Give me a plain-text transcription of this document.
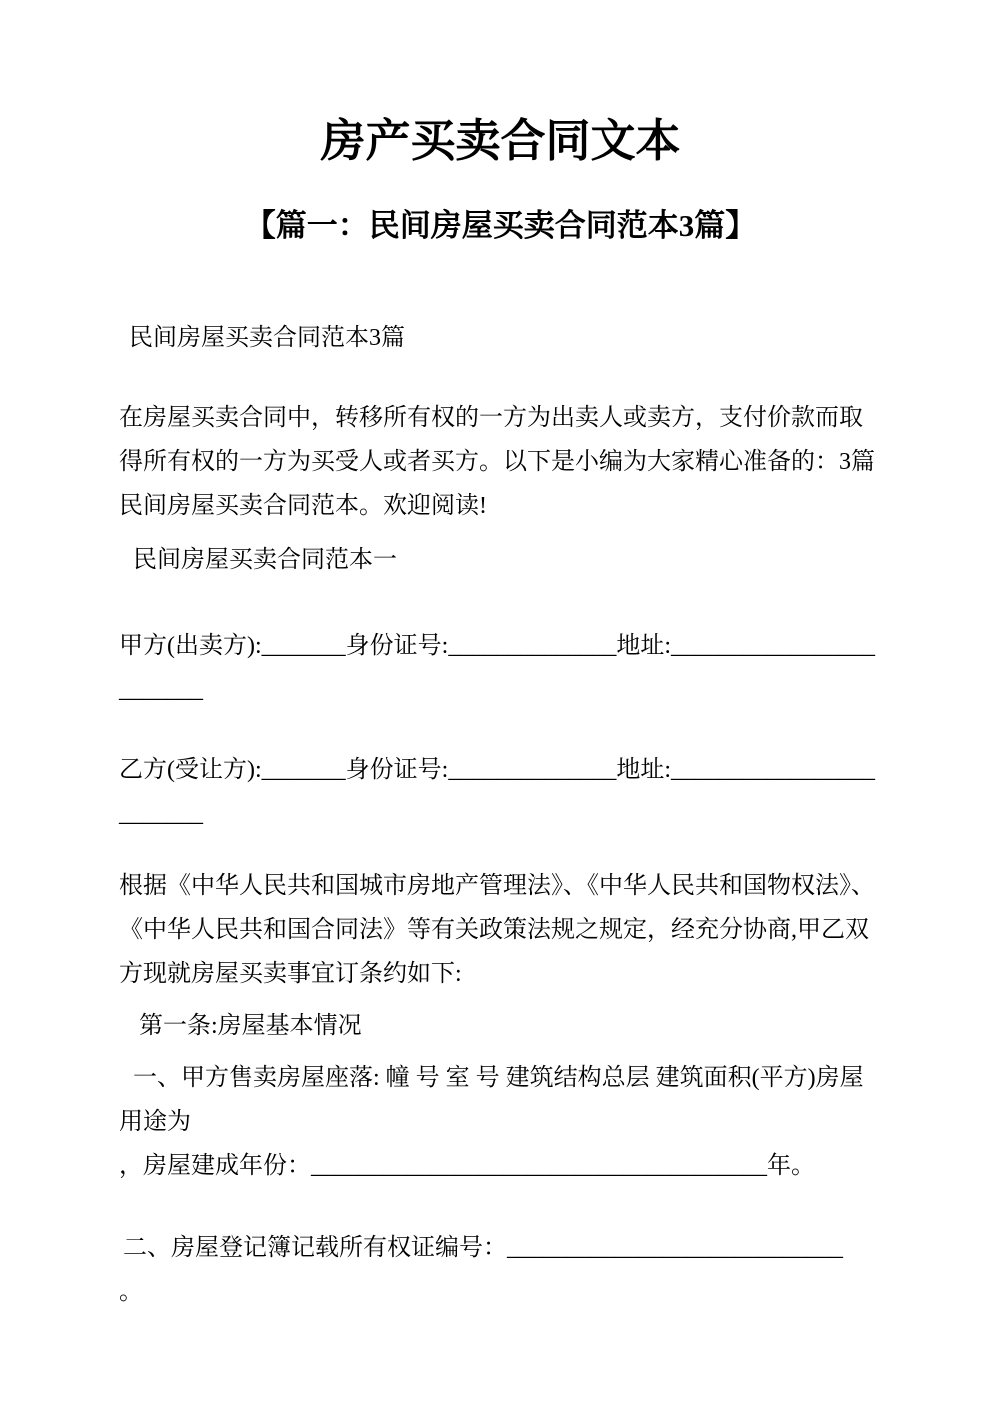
房产买卖合同文本
【篇一：民间房屋买卖合同范本3篇】

民间房屋买卖合同范本3篇

在房屋买卖合同中，转移所有权的一方为出卖人或卖方，支付价款而取得所有权的一方为买受人或者买方。以下是小编为大家精心准备的：3篇民间房屋买卖合同范本。欢迎阅读!

民间房屋买卖合同范本一

甲方(出卖方):_______身份证号:______________地址:________________________

乙方(受让方):_______身份证号:______________地址:________________________

根据《中华人民共和国城市房地产管理法》、《中华人民共和国物权法》、《中华人民共和国合同法》等有关政策法规之规定，经充分协商,甲乙双方现就房屋买卖事宜订条约如下:

第一条:房屋基本情况

一、甲方售卖房屋座落: 幢 号 室 号 建筑结构总层 建筑面积(平方)房屋用途为

，房屋建成年份：______________________________________年。

二、房屋登记簿记载所有权证编号：____________________________

。
